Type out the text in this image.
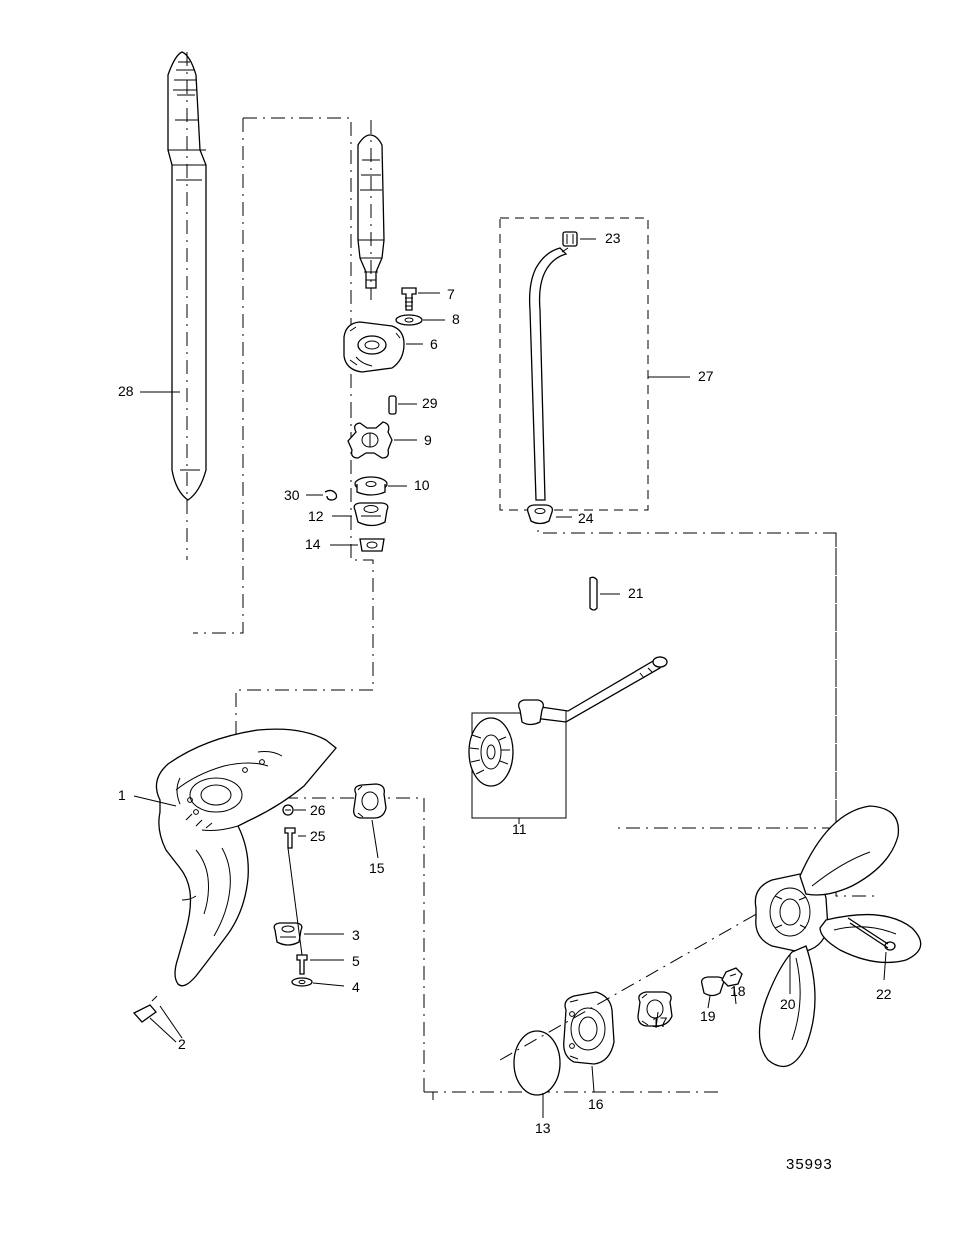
1
2
3
4
5
6
7
8
9
10
11
12
13
14
15
16
17
18
19
20
21
22
23
24
25
26
27
28
29
30
35993
